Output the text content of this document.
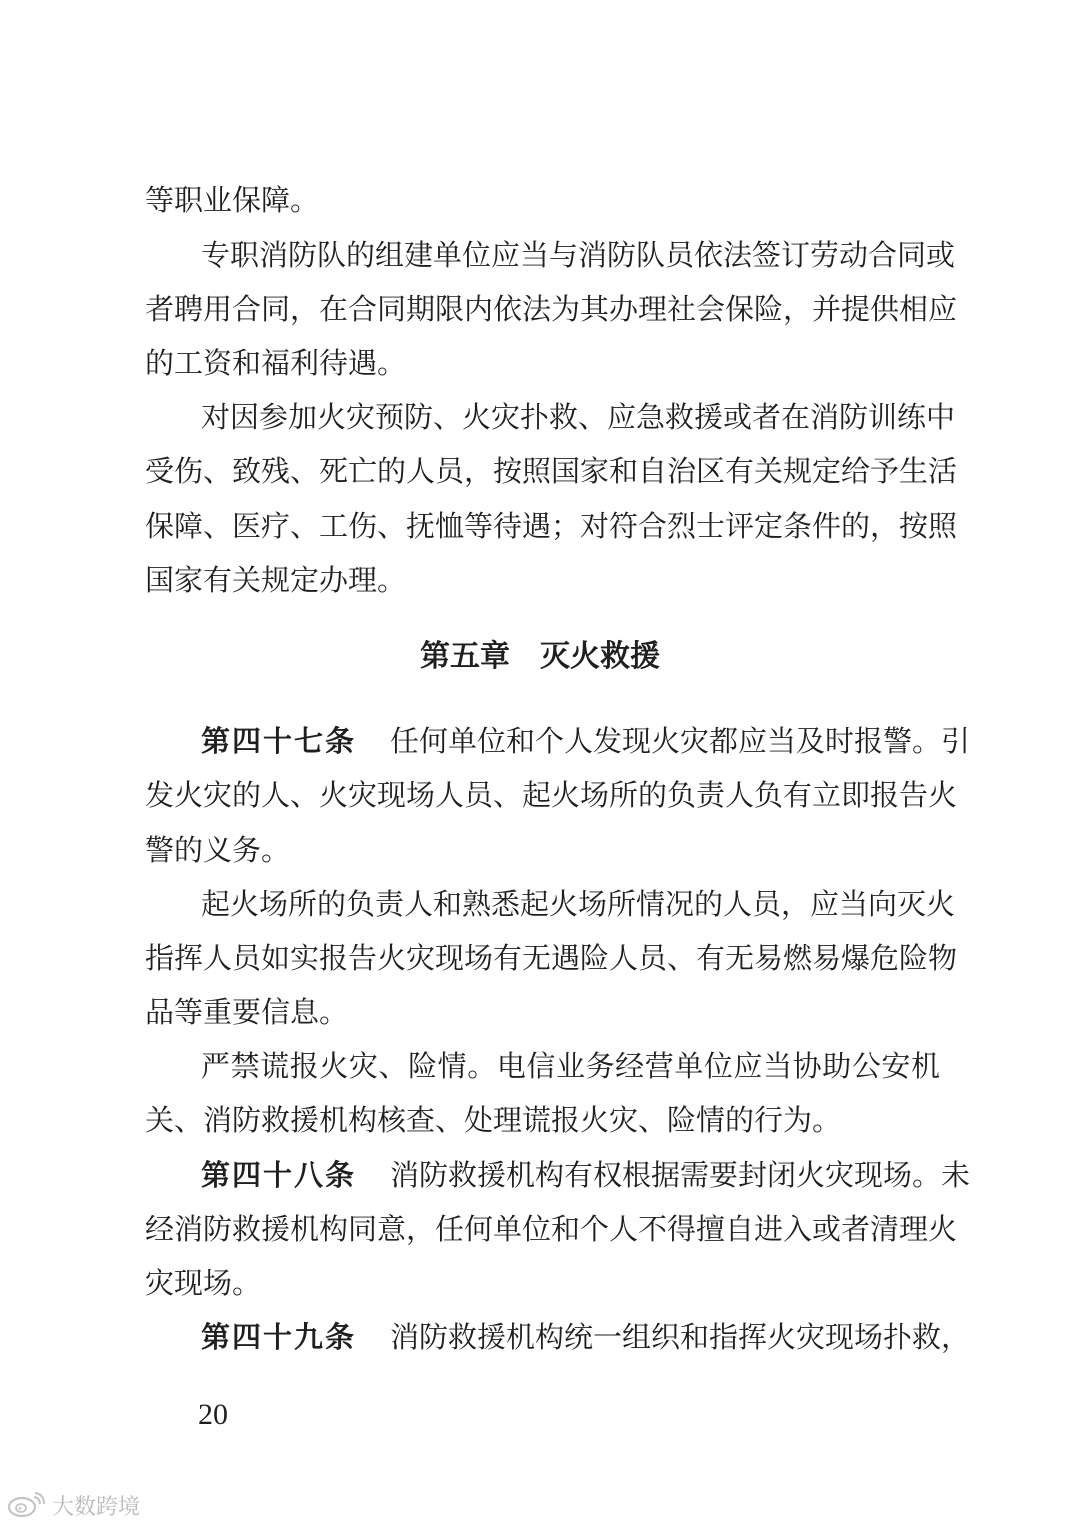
等职业保障。
专职消防队的组建单位应当与消防队员依法签订劳动合同或
者聘用合同，在合同期限内依法为其办理社会保险，并提供相应
的工资和福利待遇。
对因参加火灾预防、火灾扑救、应急救援或者在消防训练中
受伤、致残、死亡的人员，按照国家和自治区有关规定给予生活
保障、医疗、工伤、抚恤等待遇；对符合烈士评定条件的，按照
国家有关规定办理。
第五章　灭火救援
第四十七条 任何单位和个人发现火灾都应当及时报警。引
发火灾的人、火灾现场人员、起火场所的负责人负有立即报告火
警的义务。
起火场所的负责人和熟悉起火场所情况的人员，应当向灭火
指挥人员如实报告火灾现场有无遇险人员、有无易燃易爆危险物
品等重要信息。
严禁谎报火灾、险情。电信业务经营单位应当协助公安机
关、消防救援机构核查、处理谎报火灾、险情的行为。
第四十八条 消防救援机构有权根据需要封闭火灾现场。未
经消防救援机构同意，任何单位和个人不得擅自进入或者清理火
灾现场。
第四十九条 消防救援机构统一组织和指挥火灾现场扑救，
20
大数跨境
